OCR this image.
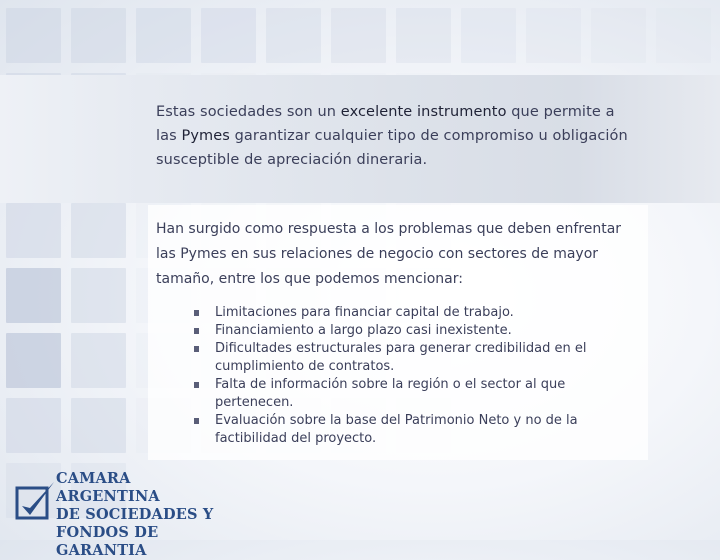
Estas sociedades son un excelente instrumento que permite a las Pymes garantizar cualquier tipo de compromiso u obligación susceptible de apreciación dineraria.
Han surgido como respuesta a los problemas que deben enfrentar las Pymes en sus relaciones de negocio con sectores de mayor tamaño, entre los que podemos mencionar:
Limitaciones para financiar capital de trabajo.
Financiamiento a largo plazo casi inexistente.
Dificultades estructurales para generar credibilidad en el cumplimiento de contratos.
Falta de información sobre la región o el sector al que pertenecen.
Evaluación sobre la base del Patrimonio Neto y no de la factibilidad del proyecto.
CAMARA ARGENTINA
DE SOCIEDADES Y
FONDOS DE GARANTIA
